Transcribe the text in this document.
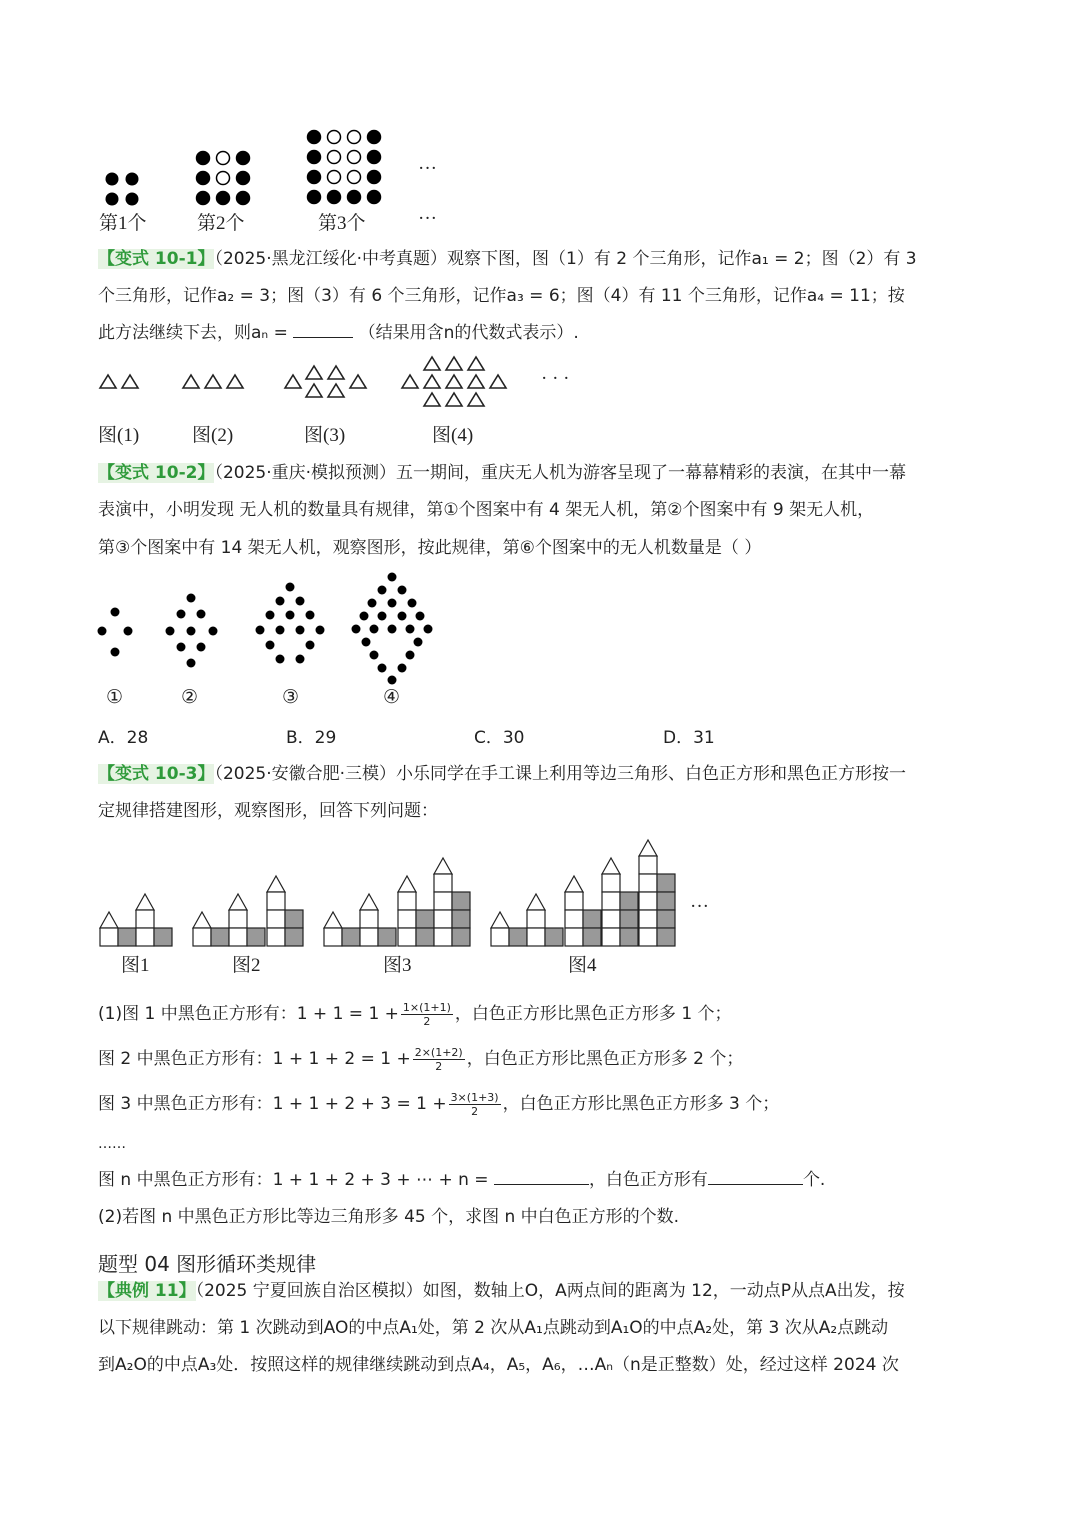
···
第1个	第2个	第3个	···
【变式 10-1】（2025·黑龙江绥化·中考真题）观察下图，图（1）有 2 个三角形，记作a₁ = 2；图（2）有 3
个三角形，记作a₂ = 3；图（3）有 6 个三角形，记作a₃ = 6；图（4）有 11 个三角形，记作a₄ = 11；按
此方法继续下去，则aₙ =	（结果用含n的代数式表示）.
· · ·
图(1)	图(2)	图(3)	图(4)
【变式 10-2】（2025·重庆·模拟预测）五一期间，重庆无人机为游客呈现了一幕幕精彩的表演，在其中一幕
表演中，小明发现 无人机的数量具有规律，第①个图案中有 4 架无人机，第②个图案中有 9 架无人机，
第③个图案中有 14 架无人机，观察图形，按此规律，第⑥个图案中的无人机数量是（ ）
①	②	③	④
A．28	B．29	C．30	D．31
【变式 10-3】（2025·安徽合肥·三模）小乐同学在手工课上利用等边三角形、白色正方形和黑色正方形按一
定规律搭建图形，观察图形，回答下列问题：
···
图1	图2	图3	图4
(1)图 1 中黑色正方形有：$1 + 1 = 1 + \frac{1\times(1+1)}{2}$ ，白色正方形比黑色正方形多 1 个；
图 2 中黑色正方形有：$1 + 1 + 2 = 1 + \frac{2\times(1+2)}{2}$ ，白色正方形比黑色正方形多 2 个；
图 3 中黑色正方形有：$1 + 1 + 2 + 3 = 1 + \frac{3\times(1+3)}{2}$ ，白色正方形比黑色正方形多 3 个；
……
图 n 中黑色正方形有：1 + 1 + 2 + 3 + ⋯ + n =	，白色正方形有	个.
(2)若图 n 中黑色正方形比等边三角形多 45 个，求图 n 中白色正方形的个数.
题型 04 图形循环类规律
【典例 11】（2025 宁夏回族自治区模拟）如图，数轴上O，A两点间的距离为 12，一动点P从点A出发，按
以下规律跳动：第 1 次跳动到AO的中点A₁处，第 2 次从A₁点跳动到A₁O的中点A₂处，第 3 次从A₂点跳动
到A₂O的中点A₃处．按照这样的规律继续跳动到点A₄，A₅，A₆，…Aₙ（n是正整数）处，经过这样 2024 次
